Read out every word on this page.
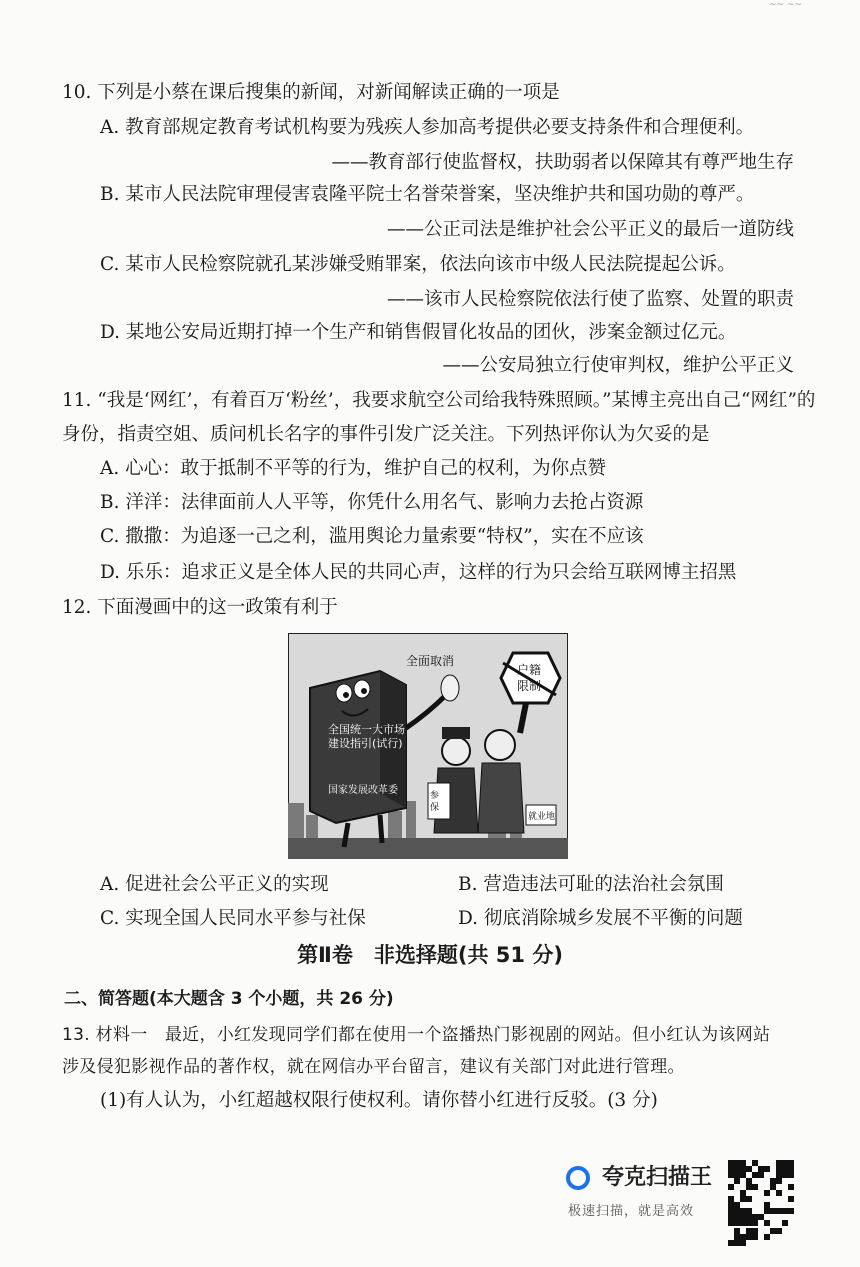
~~ ~~
10. 下列是小蔡在课后搜集的新闻，对新闻解读正确的一项是
A. 教育部规定教育考试机构要为残疾人参加高考提供必要支持条件和合理便利。
——教育部行使监督权，扶助弱者以保障其有尊严地生存
B. 某市人民法院审理侵害袁隆平院士名誉荣誉案，坚决维护共和国功勋的尊严。
——公正司法是维护社会公平正义的最后一道防线
C. 某市人民检察院就孔某涉嫌受贿罪案，依法向该市中级人民法院提起公诉。
——该市人民检察院依法行使了监察、处置的职责
D. 某地公安局近期打掉一个生产和销售假冒化妆品的团伙，涉案金额过亿元。
——公安局独立行使审判权，维护公平正义
11. “我是‘网红’，有着百万‘粉丝’，我要求航空公司给我特殊照顾。”某博主亮出自己“网红”的
身份，指责空姐、质问机长名字的事件引发广泛关注。下列热评你认为欠妥的是
A. 心心：敢于抵制不平等的行为，维护自己的权利，为你点赞
B. 洋洋：法律面前人人平等，你凭什么用名气、影响力去抢占资源
C. 撒撒：为追逐一己之利，滥用舆论力量索要“特权”，实在不应该
D. 乐乐：追求正义是全体人民的共同心声，这样的行为只会给互联网博主招黑
12. 下面漫画中的这一政策有利于
全国统一大市场
建设指引(试行)
国家发展改革委
全面取消
户籍
限制
参
保
就业地
A. 促进社会公平正义的实现	B. 营造违法可耻的法治社会氛围
C. 实现全国人民同水平参与社保	D. 彻底消除城乡发展不平衡的问题
第Ⅱ卷　非选择题(共 51 分)
二、简答题(本大题含 3 个小题，共 26 分)
13. 材料一　最近，小红发现同学们都在使用一个盗播热门影视剧的网站。但小红认为该网站
涉及侵犯影视作品的著作权，就在网信办平台留言，建议有关部门对此进行管理。
(1)有人认为，小红超越权限行使权利。请你替小红进行反驳。(3 分)
夸克扫描王
极速扫描，就是高效
